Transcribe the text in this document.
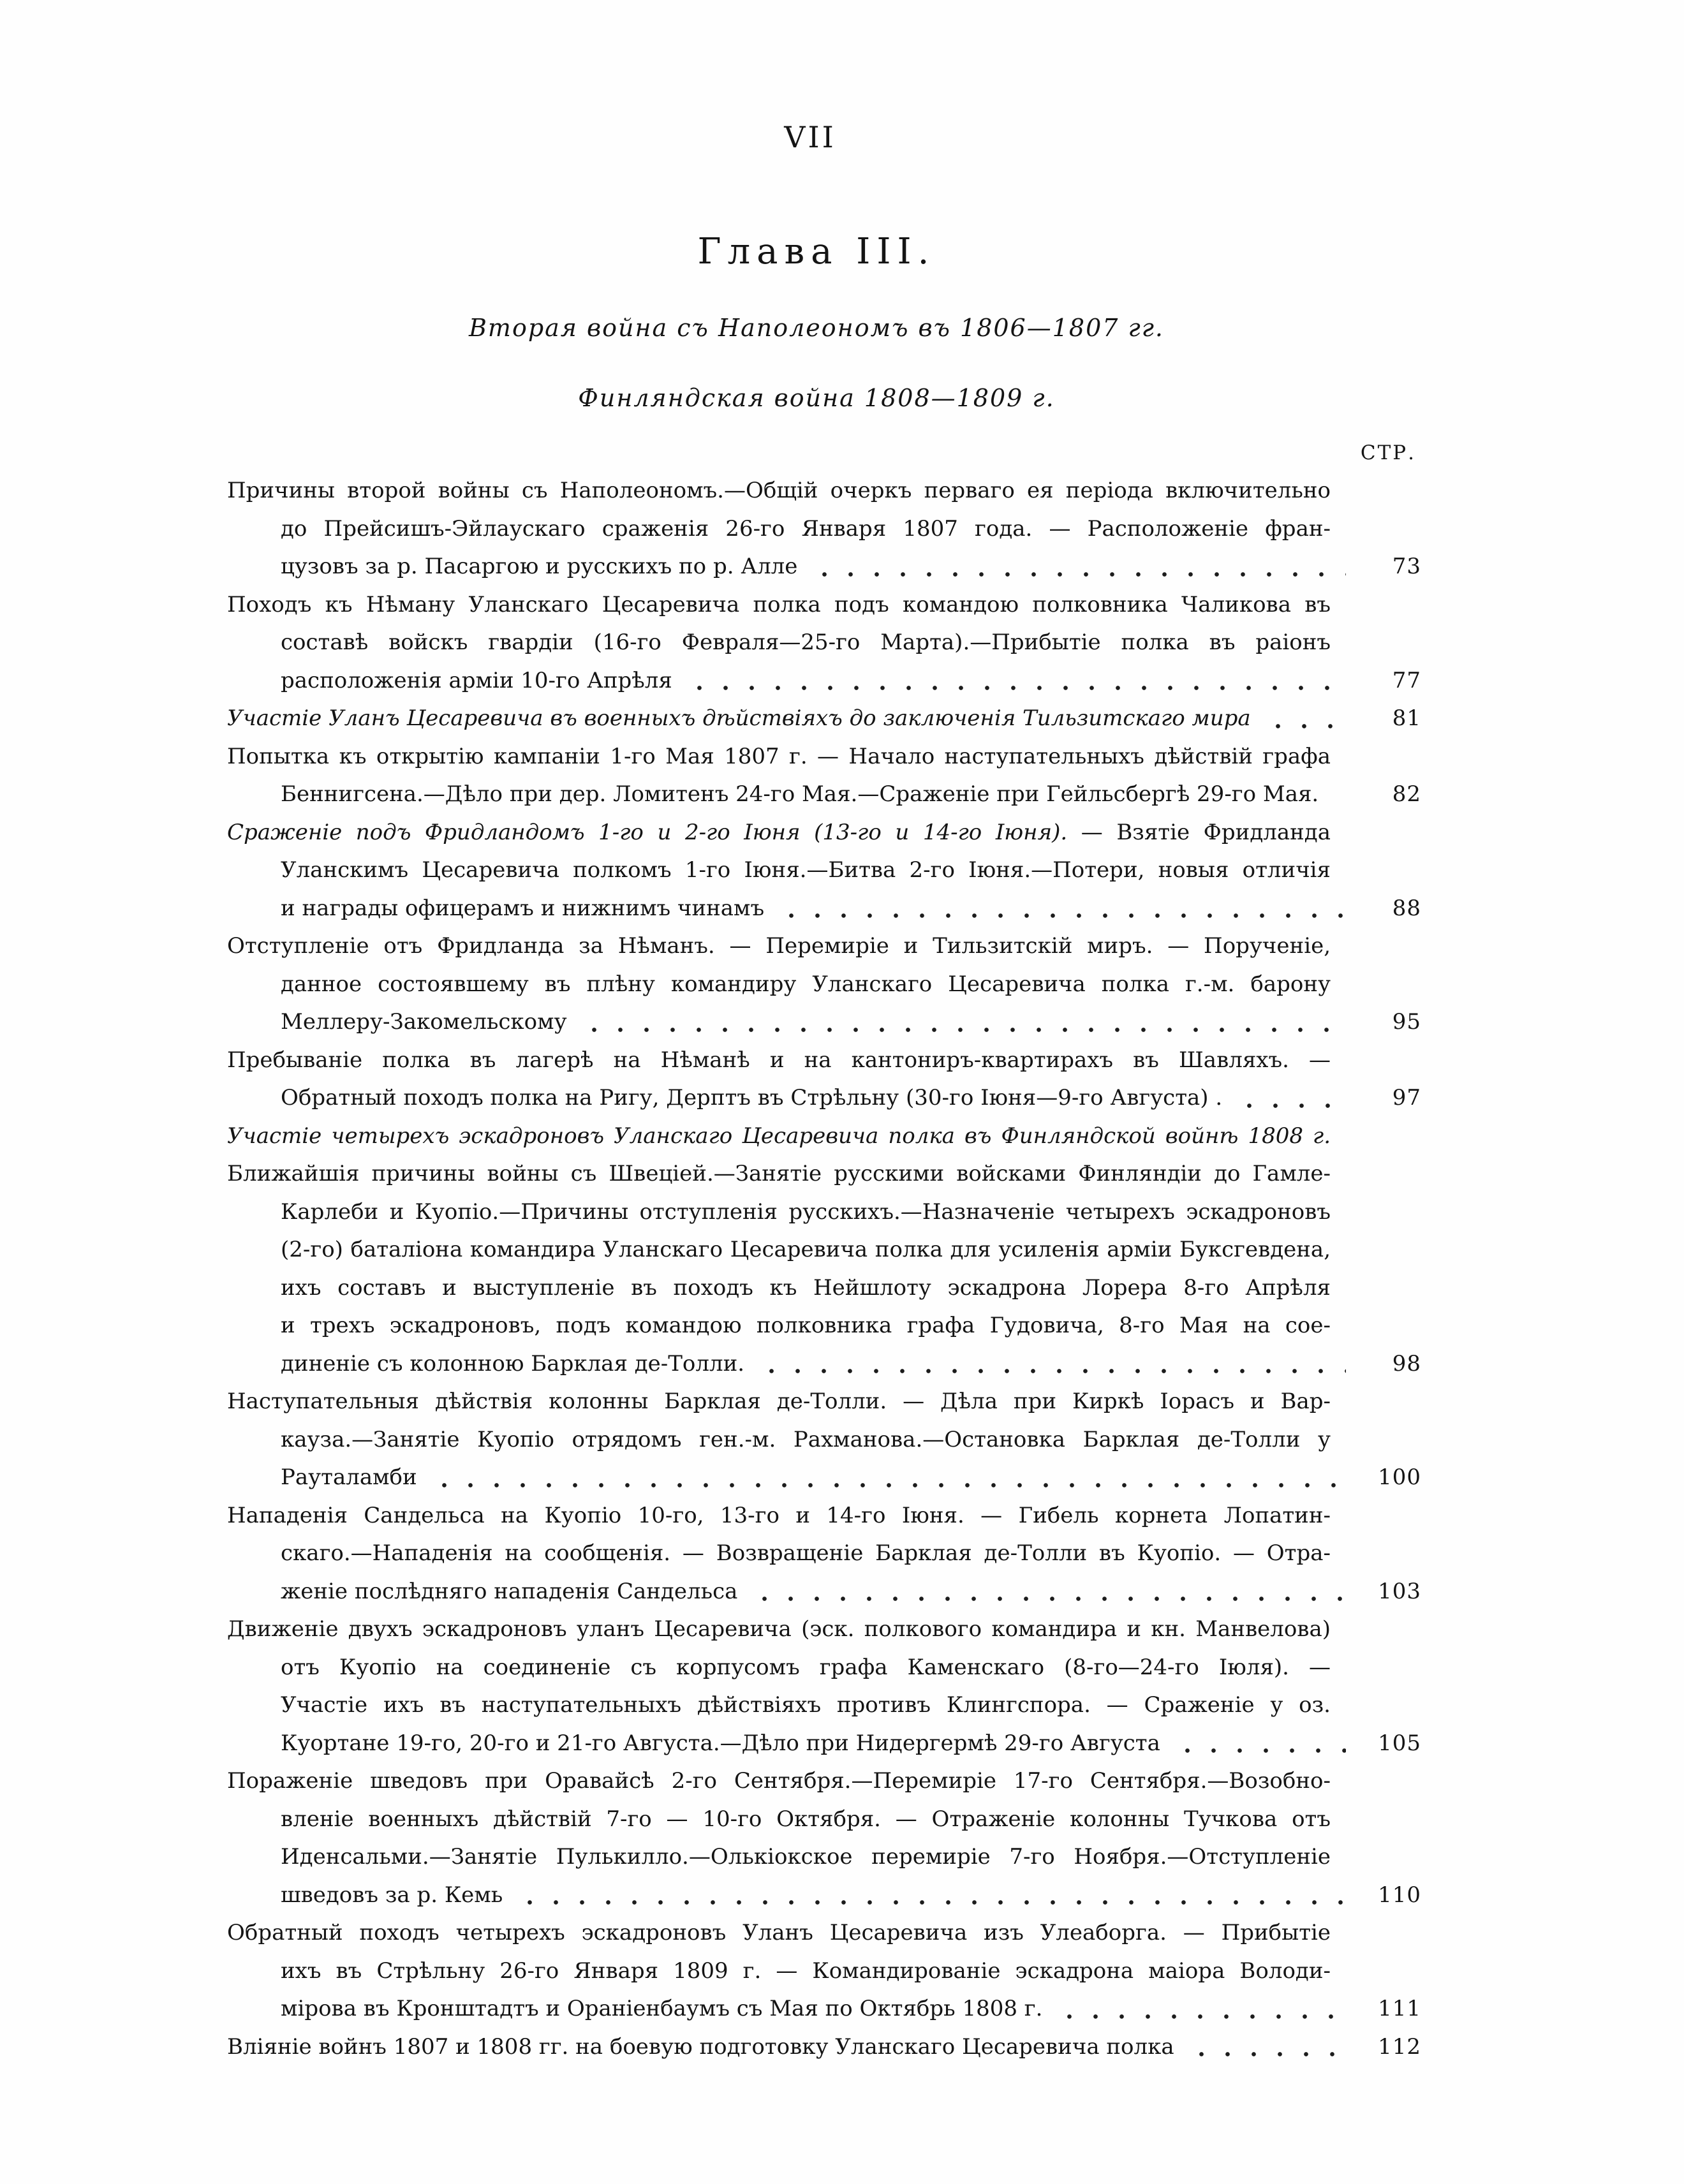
VII
Глава III.
Вторая война съ Наполеономъ въ 1806—1807 гг.
Финляндская война 1808—1809 г.
СТР.
Причины второй войны съ Наполеономъ.—Общій очеркъ перваго ея періода включительно
до Прейсишъ-Эйлаускаго сраженія 26-го Января 1807 года. — Расположеніе фран-
цузовъ за р. Пасаргою и русскихъ по р. Алле	73
Походъ къ Нѣману Уланскаго Цесаревича полка подъ командою полковника Чаликова въ
составѣ войскъ гвардіи (16-го Февраля—25-го Марта).—Прибытіе полка въ раіонъ
расположенія арміи 10-го Апрѣля	77
Участіе Уланъ Цесаревича въ военныхъ дѣйствіяхъ до заключенія Тильзитскаго мира	81
Попытка къ открытію кампаніи 1-го Мая 1807 г. — Начало наступательныхъ дѣйствій графа
Беннигсена.—Дѣло при дер. Ломитенъ 24-го Мая.—Сраженіе при Гейльсбергѣ 29-го Мая.	82
Сраженіе подъ Фридландомъ 1-го и 2-го Іюня (13-го и 14-го Іюня). — Взятіе Фридланда
Уланскимъ Цесаревича полкомъ 1-го Іюня.—Битва 2-го Іюня.—Потери, новыя отличія
и награды офицерамъ и нижнимъ чинамъ	88
Отступленіе отъ Фридланда за Нѣманъ. — Перемиріе и Тильзитскій миръ. — Порученіе,
данное состоявшему въ плѣну командиру Уланскаго Цесаревича полка г.-м. барону
Меллеру-Закомельскому	95
Пребываніе полка въ лагерѣ на Нѣманѣ и на кантониръ-квартирахъ въ Шавляхъ. —
Обратный походъ полка на Ригу, Дерптъ въ Стрѣльну (30-го Іюня—9-го Августа) .	97
Участіе четырехъ эскадроновъ Уланскаго Цесаревича полка въ Финляндской войнѣ 1808 г.
Ближайшія причины войны съ Швеціей.—Занятіе русскими войсками Финляндіи до Гамле-
Карлеби и Куопіо.—Причины отступленія русскихъ.—Назначеніе четырехъ эскадроновъ
(2-го) баталіона командира Уланскаго Цесаревича полка для усиленія арміи Буксгевдена,
ихъ составъ и выступленіе въ походъ къ Нейшлоту эскадрона Лорера 8-го Апрѣля
и трехъ эскадроновъ, подъ командою полковника графа Гудовича, 8-го Мая на сое-
диненіе съ колонною Барклая де-Толли.	98
Наступательныя дѣйствія колонны Барклая де-Толли. — Дѣла при Киркѣ Іорасъ и Вар-
кауза.—Занятіе Куопіо отрядомъ ген.-м. Рахманова.—Остановка Барклая де-Толли у
Рауталамби	100
Нападенія Сандельса на Куопіо 10-го, 13-го и 14-го Іюня. — Гибель корнета Лопатин-
скаго.—Нападенія на сообщенія. — Возвращеніе Барклая де-Толли въ Куопіо. — Отра-
женіе послѣдняго нападенія Сандельса	103
Движеніе двухъ эскадроновъ уланъ Цесаревича (эск. полкового командира и кн. Манвелова)
отъ Куопіо на соединеніе съ корпусомъ графа Каменскаго (8-го—24-го Іюля). —
Участіе ихъ въ наступательныхъ дѣйствіяхъ противъ Клингспора. — Сраженіе у оз.
Куортане 19-го, 20-го и 21-го Августа.—Дѣло при Нидергермѣ 29-го Августа	105
Пораженіе шведовъ при Оравайсѣ 2-го Сентября.—Перемиріе 17-го Сентября.—Возобно-
вленіе военныхъ дѣйствій 7-го — 10-го Октября. — Отраженіе колонны Тучкова отъ
Иденсальми.—Занятіе Пулькилло.—Олькіокское перемиріе 7-го Ноября.—Отступленіе
шведовъ за р. Кемь	110
Обратный походъ четырехъ эскадроновъ Уланъ Цесаревича изъ Улеаборга. — Прибытіе
ихъ въ Стрѣльну 26-го Января 1809 г. — Командированіе эскадрона маіора Володи-
мірова въ Кронштадтъ и Ораніенбаумъ съ Мая по Октябрь 1808 г.	111
Вліяніе войнъ 1807 и 1808 гг. на боевую подготовку Уланскаго Цесаревича полка	112
